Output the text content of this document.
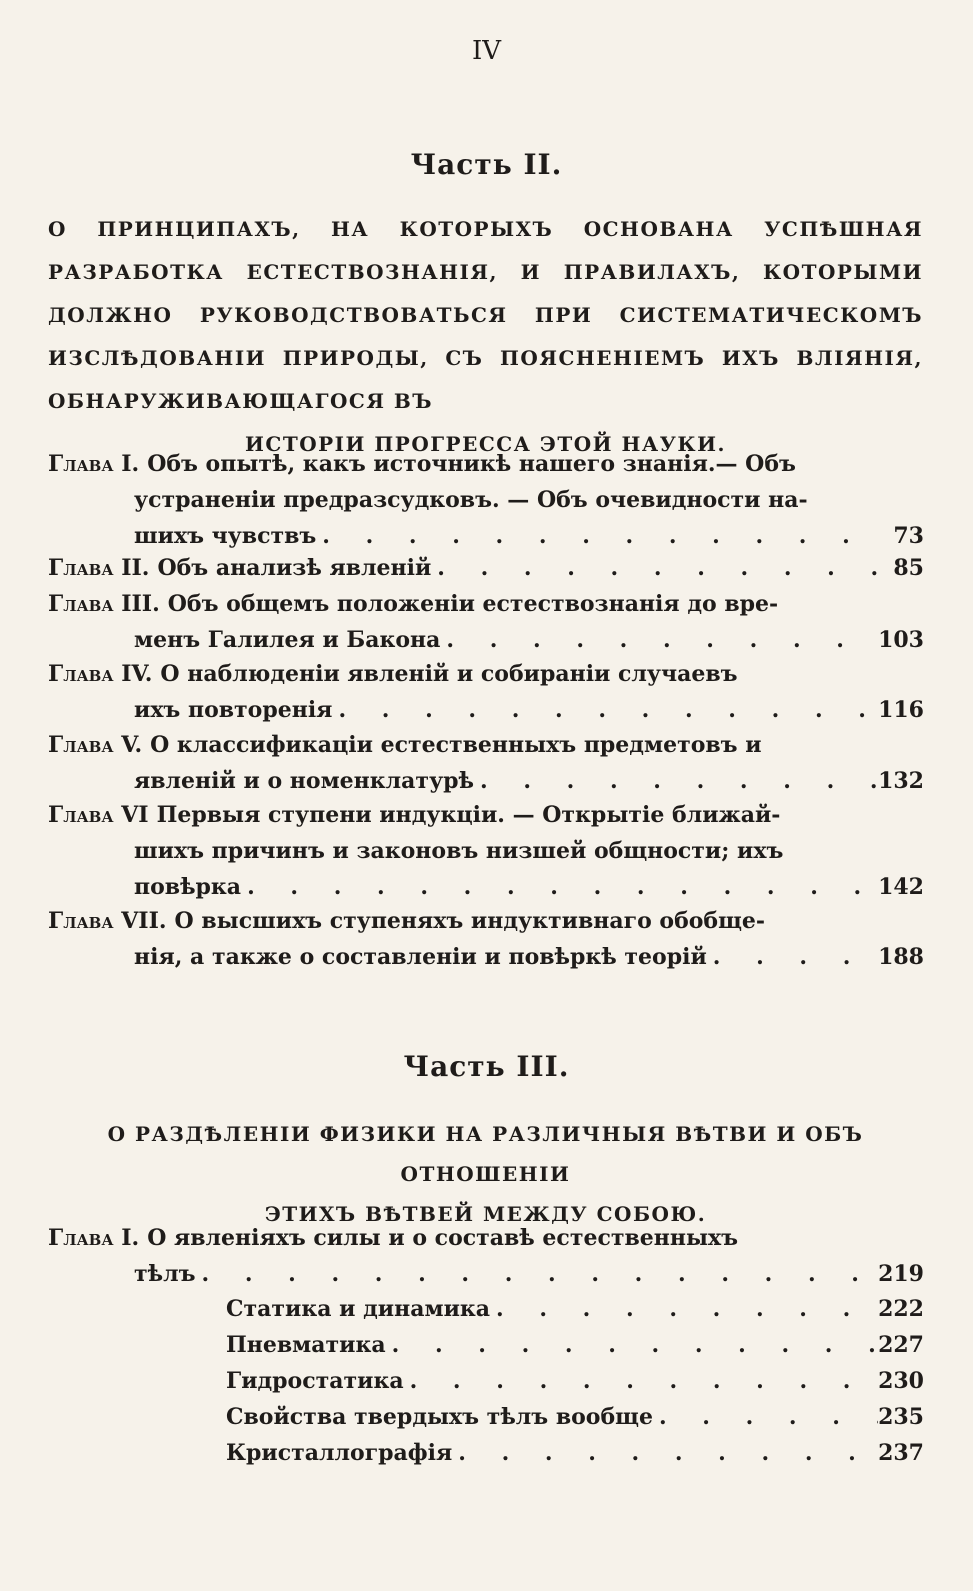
IV
Часть II.
О ПРИНЦИПАХЪ, НА КОТОРЫХЪ ОСНОВАНА УСПѢШНАЯ РАЗРАБОТКА ЕСТЕСТВОЗНАНІЯ, И ПРАВИЛАХЪ, КОТОРЫМИ ДОЛЖНО РУКОВОДСТВОВАТЬСЯ ПРИ СИСТЕМАТИЧЕСКОМЪ ИЗСЛѢДОВАНІИ ПРИРОДЫ, СЪ ПОЯСНЕНІЕМЪ ИХЪ ВЛІЯНІЯ, ОБНАРУЖИВАЮЩАГОСЯ ВЪ
ИСТОРІИ ПРОГРЕССА ЭТОЙ НАУКИ.
Глава I. Объ опытѣ, какъ источникѣ нашего знанія.— Объ
устраненіи предразсудковъ. — Объ очевидности на-
шихъ чувствъ . . .	73
Глава II. Объ анализѣ явленій . . .	85
Глава III. Объ общемъ положеніи естествознанія до вре-
менъ Галилея и Бакона . . .	103
Глава IV. О наблюденіи явленій и собираніи случаевъ
ихъ повторенія . . .	116
Глава V. О классификаціи естественныхъ предметовъ и
явленій и о номенклатурѣ . . .	132
Глава VI Первыя ступени индукціи. — Открытіе ближай-
шихъ причинъ и законовъ низшей общности; ихъ
повѣрка . . .	142
Глава VII. О высшихъ ступеняхъ индуктивнаго обобще-
нія, а также о составленіи и повѣркѣ теорій . . .	188
Часть III.
О РАЗДѢЛЕНІИ ФИЗИКИ НА РАЗЛИЧНЫЯ ВѢТВИ И ОБЪ ОТНОШЕНІИ
ЭТИХЪ ВѢТВЕЙ МЕЖДУ СОБОЮ.
Глава I. О явленіяхъ силы и о составѣ естественныхъ
тѣлъ . . .	219
Статика и динамика . . .	222
Пневматика . . .	227
Гидростатика . . .	230
Свойства твердыхъ тѣлъ вообще . . .	235
Кристаллографія . . .	237
